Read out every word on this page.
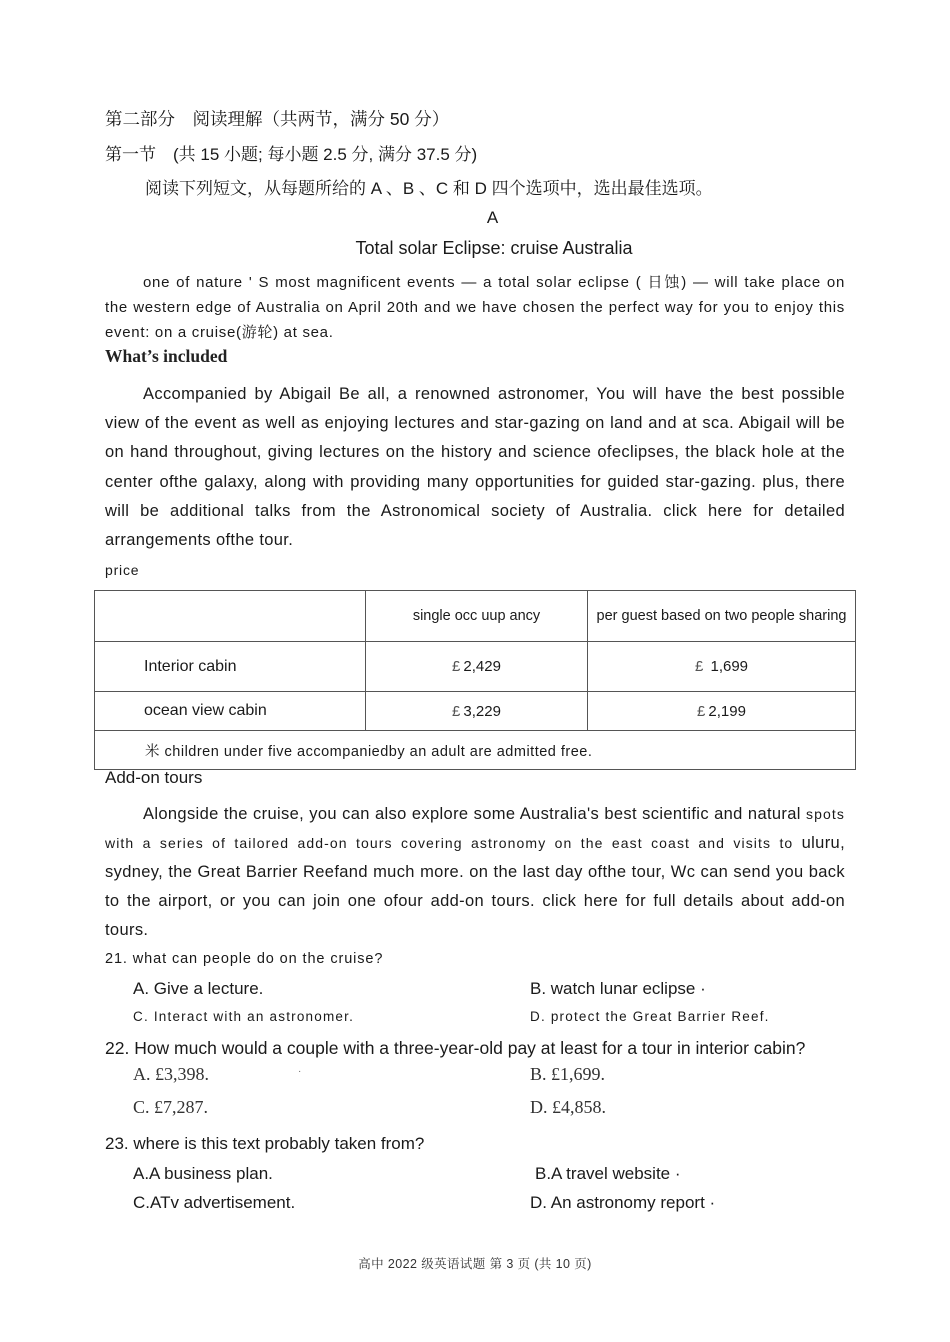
第二部分　阅读理解（共两节，满分 50 分）
第一节　(共 15 小题; 每小题 2.5 分, 满分 37.5 分)
阅读下列短文，从每题所给的 A 、B 、C 和 D 四个选项中，选出最佳选项。
A
Total solar Eclipse: cruise Australia
one of nature ' S most magnificent events — a total solar eclipse ( 日蚀) — will take place on the western edge of Australia on April 20th and we have chosen the perfect way for you to enjoy this event: on a cruise(游轮) at sea.
What’s included
Accompanied by Abigail Be all, a renowned astronomer, You will have the best possible view of the event as well as enjoying lectures and star-gazing on land and at sca. Abigail will be on hand throughout, giving lectures on the history and science ofeclipses, the black hole at the center ofthe galaxy, along with providing many opportunities for guided star-gazing. plus, there will be additional talks from the Astronomical society of Australia. click here for detailed arrangements ofthe tour.
price
	single occ uup ancy	per guest based on two people sharing
Interior cabin	£ 2,429	£ 1,699
ocean view cabin	£ 3,229	£ 2,199
米 children under five accompaniedby an adult are admitted free.		
Add-on tours
Alongside the cruise, you can also explore some Australia's best scientific and natural spots with a series of tailored add-on tours covering astronomy on the east coast and visits to uluru, sydney, the Great Barrier Reefand much more. on the last day ofthe tour, Wc can send you back to the airport, or you can join one ofour add-on tours. click here for full details about add-on tours.
21. what can people do on the cruise?
A. Give a lecture.	B. watch lunar eclipse ·
C. Interact with an astronomer.	D. protect the Great Barrier Reef.
22. How much would a couple with a three-year-old pay at least for a tour in interior cabin?
A. £3,398.	·	B. £1,699.
C. £7,287.	D. £4,858.
23. where is this text probably taken from?
A.A business plan.	B.A travel website ·
C.ATv advertisement.	D. An astronomy report ·
高中 2022 级英语试题 第 3 页 (共 10 页)
